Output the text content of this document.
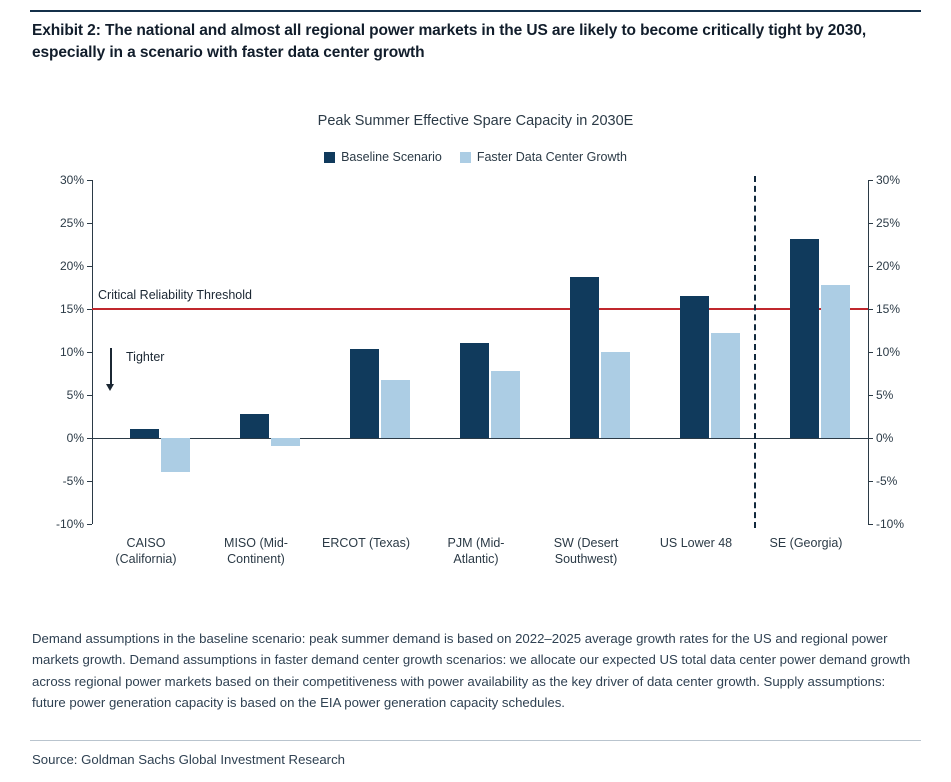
Exhibit 2: The national and almost all regional power markets in the US are likely to become critically tight by 2030, especially in a scenario with faster data center growth
Peak Summer Effective Spare Capacity in 2030E
Baseline Scenario	Faster Data Center Growth
30%
25%
20%
15%
10%
5%
0%
-5%
-10%
30%
25%
20%
15%
10%
5%
0%
-5%
-10%
Critical Reliability Threshold
Tighter
CAISO
(California)
MISO (Mid-
Continent)
ERCOT (Texas)	PJM (Mid-
Atlantic)
SW (Desert
Southwest)
US Lower 48	SE (Georgia)
Demand assumptions in the baseline scenario: peak summer demand is based on 2022–2025 average growth rates for the US and regional power markets growth. Demand assumptions in faster demand center growth scenarios: we allocate our expected US total data center power demand growth across regional power markets based on their competitiveness with power availability as the key driver of data center growth. Supply assumptions: future power generation capacity is based on the EIA power generation capacity schedules.
Source: Goldman Sachs Global Investment Research
